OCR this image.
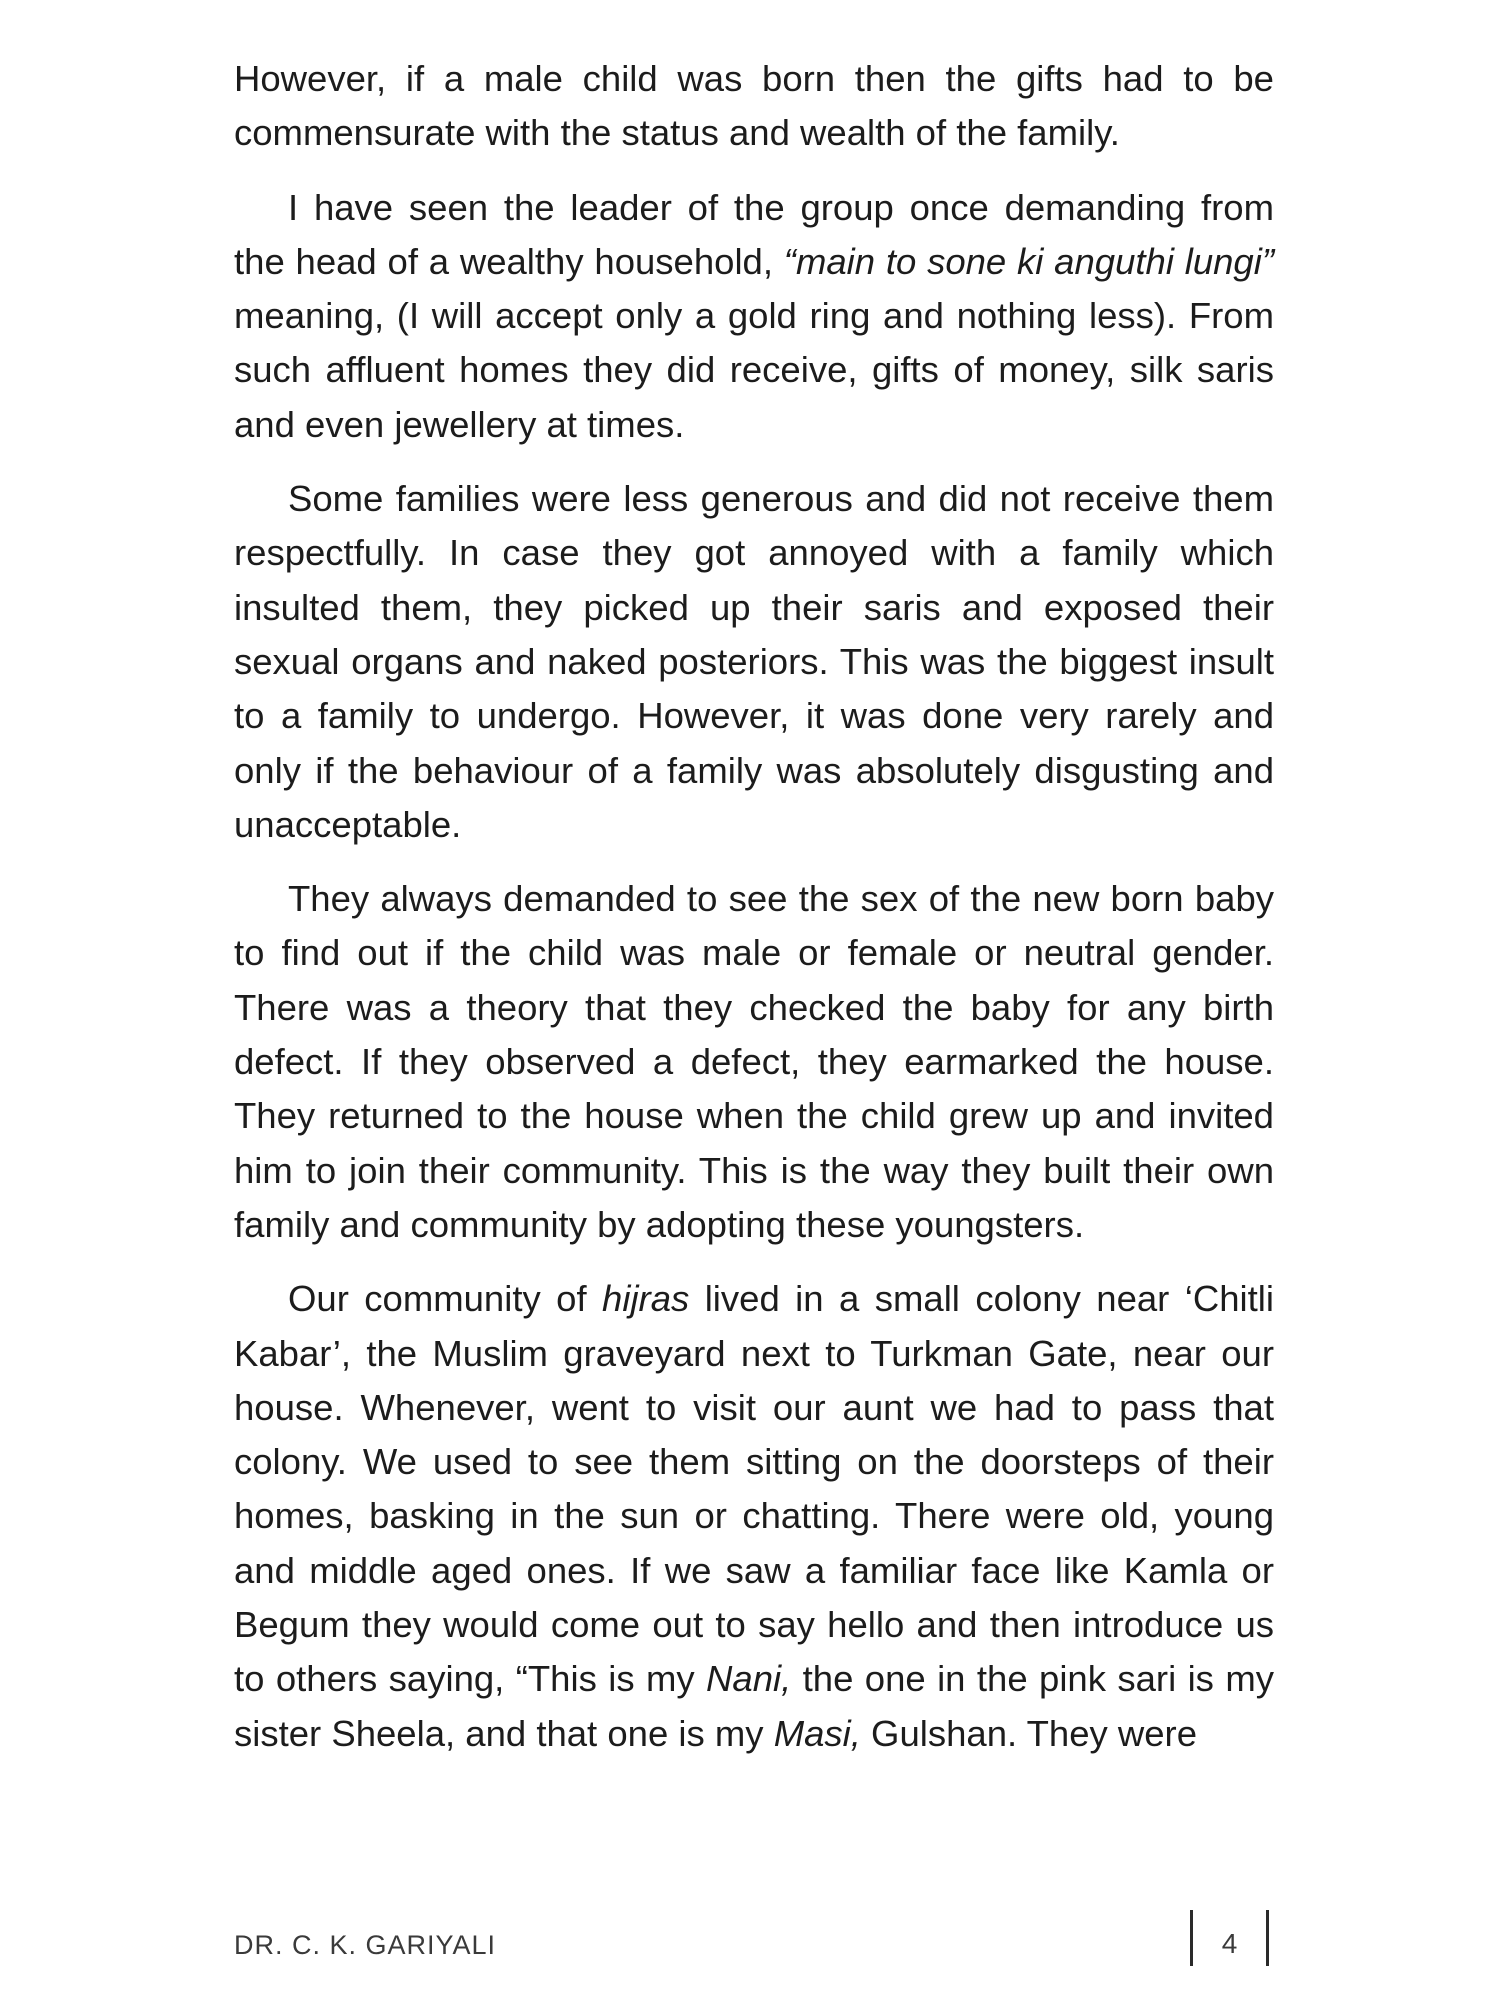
However, if a male child was born then the gifts had to be commensurate with the status and wealth of the family.

I have seen the leader of the group once demanding from the head of a wealthy household, “main to sone ki anguthi lungi” meaning, (I will accept only a gold ring and nothing less). From such affluent homes they did receive, gifts of money, silk saris and even jewellery at times.

Some families were less generous and did not receive them respectfully. In case they got annoyed with a family which insulted them, they picked up their saris and exposed their sexual organs and naked posteriors. This was the biggest insult to a family to undergo. However, it was done very rarely and only if the behaviour of a family was absolutely disgusting and unacceptable.

They always demanded to see the sex of the new born baby to find out if the child was male or female or neutral gender. There was a theory that they checked the baby for any birth defect. If they observed a defect, they earmarked the house. They returned to the house when the child grew up and invited him to join their community. This is the way they built their own family and community by adopting these youngsters.

Our community of hijras lived in a small colony near ‘Chitli Kabar’, the Muslim graveyard next to Turkman Gate, near our house. Whenever, went to visit our aunt we had to pass that colony. We used to see them sitting on the doorsteps of their homes, basking in the sun or chatting. There were old, young and middle aged ones. If we saw a familiar face like Kamla or Begum they would come out to say hello and then introduce us to others saying, “This is my Nani, the one in the pink sari is my sister Sheela, and that one is my Masi, Gulshan. They were

DR. C. K. GARIYALI	4
